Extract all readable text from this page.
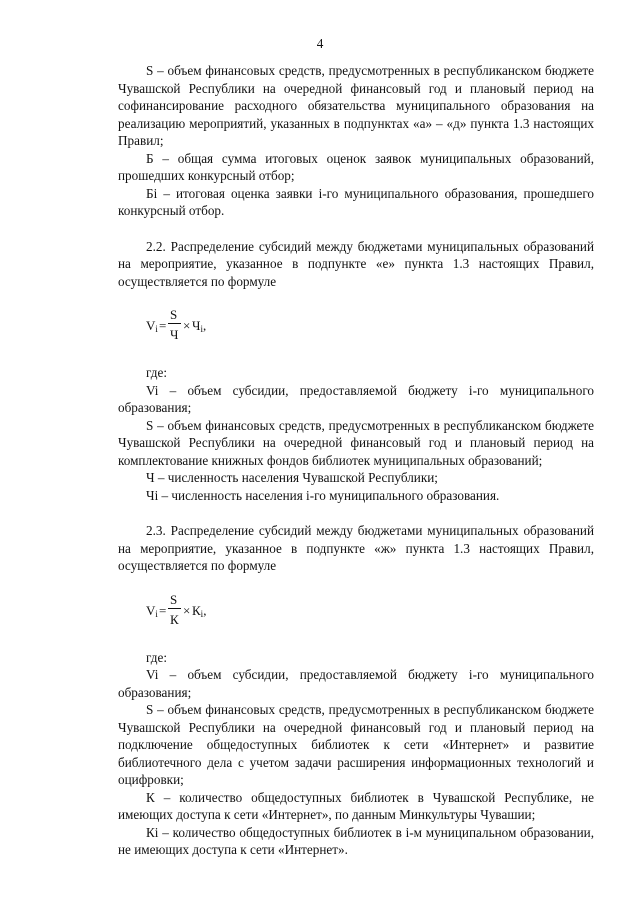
4

S – объем финансовых средств, предусмотренных в республиканском бюджете Чувашской Республики на очередной финансовый год и плановый период на софинансирование расходного обязательства муниципального образования на реализацию мероприятий, указанных в подпунктах «а» – «д» пункта 1.3 настоящих Правил;

Б – общая сумма итоговых оценок заявок муниципальных образований, прошедших конкурсный отбор;

Бi – итоговая оценка заявки i-го муниципального образования, прошедшего конкурсный отбор.

2.2. Распределение субсидий между бюджетами муниципальных образований на мероприятие, указанное в подпункте «е» пункта 1.3 настоящих Правил, осуществляется по формуле

$V_i$ =
S
Ч
× $Ч_i$,

где:

Vi – объем субсидии, предоставляемой бюджету i-го муниципального образования;

S – объем финансовых средств, предусмотренных в республиканском бюджете Чувашской Республики на очередной финансовый год и плановый период на комплектование книжных фондов библиотек муниципальных образований;

Ч – численность населения Чувашской Республики;

Чi – численность населения i-го муниципального образования.

2.3. Распределение субсидий между бюджетами муниципальных образований на мероприятие, указанное в подпункте «ж» пункта 1.3 настоящих Правил, осуществляется по формуле

$V_i$ =
S
К
× $К_i$,

где:

Vi – объем субсидии, предоставляемой бюджету i-го муниципального образования;

S – объем финансовых средств, предусмотренных в республиканском бюджете Чувашской Республики на очередной финансовый год и плановый период на подключение общедоступных библиотек к сети «Интернет» и развитие библиотечного дела с учетом задачи расширения информационных технологий и оцифровки;

К – количество общедоступных библиотек в Чувашской Республике, не имеющих доступа к сети «Интернет», по данным Минкультуры Чувашии;

Кi – количество общедоступных библиотек в i-м муниципальном образовании, не имеющих доступа к сети «Интернет».
